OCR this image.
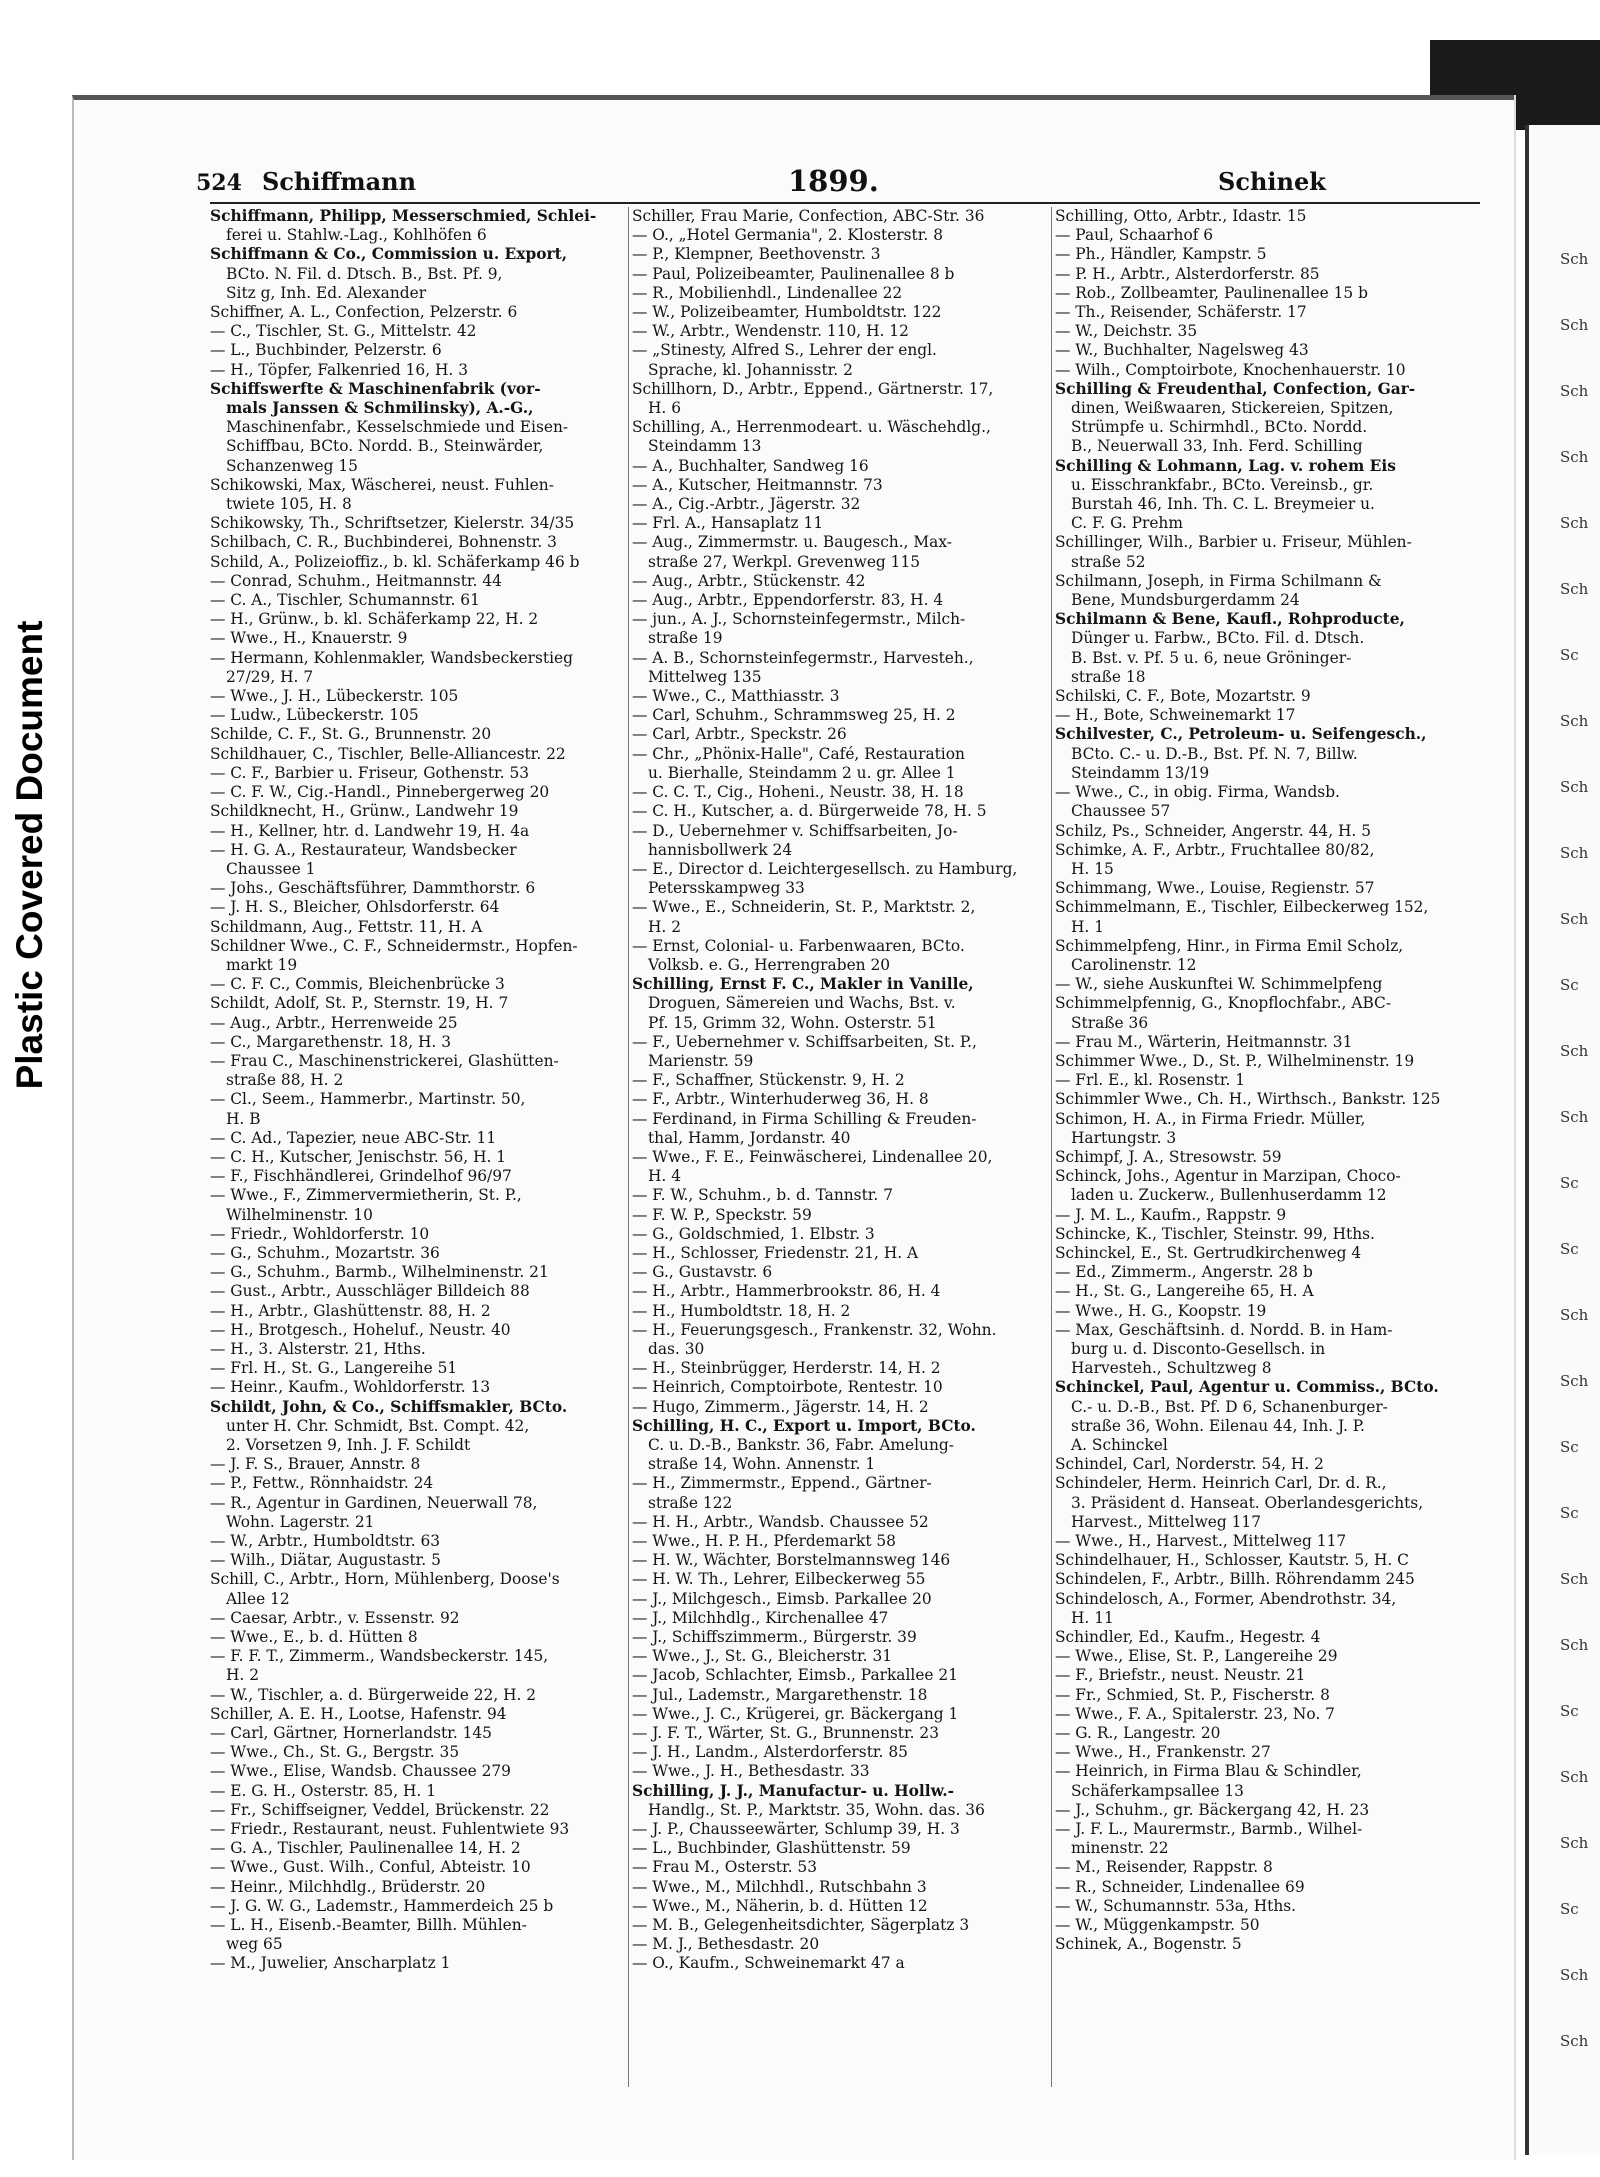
Plastic Covered Document
524 Schiffmann	1899.	Schinek
Schiffmann, Philipp, Messerschmied, Schlei-
ferei u. Stahlw.-Lag., Kohlhöfen 6
Schiffmann & Co., Commission u. Export,
BCto. N. Fil. d. Dtsch. B., Bst. Pf. 9,
Sitz g, Inh. Ed. Alexander
Schiffner, A. L., Confection, Pelzerstr. 6
— C., Tischler, St. G., Mittelstr. 42
— L., Buchbinder, Pelzerstr. 6
— H., Töpfer, Falkenried 16, H. 3
Schiffswerfte & Maschinenfabrik (vor-
mals Janssen & Schmilinsky), A.-G.,
Maschinenfabr., Kesselschmiede und Eisen-
Schiffbau, BCto. Nordd. B., Steinwärder,
Schanzenweg 15
Schikowski, Max, Wäscherei, neust. Fuhlen-
twiete 105, H. 8
Schikowsky, Th., Schriftsetzer, Kielerstr. 34/35
Schilbach, C. R., Buchbinderei, Bohnenstr. 3
Schild, A., Polizeioffiz., b. kl. Schäferkamp 46 b
— Conrad, Schuhm., Heitmannstr. 44
— C. A., Tischler, Schumannstr. 61
— H., Grünw., b. kl. Schäferkamp 22, H. 2
— Wwe., H., Knauerstr. 9
— Hermann, Kohlenmakler, Wandsbeckerstieg
27/29, H. 7
— Wwe., J. H., Lübeckerstr. 105
— Ludw., Lübeckerstr. 105
Schilde, C. F., St. G., Brunnenstr. 20
Schildhauer, C., Tischler, Belle-Alliancestr. 22
— C. F., Barbier u. Friseur, Gothenstr. 53
— C. F. W., Cig.-Handl., Pinnebergerweg 20
Schildknecht, H., Grünw., Landwehr 19
— H., Kellner, htr. d. Landwehr 19, H. 4a
— H. G. A., Restaurateur, Wandsbecker
Chaussee 1
— Johs., Geschäftsführer, Dammthorstr. 6
— J. H. S., Bleicher, Ohlsdorferstr. 64
Schildmann, Aug., Fettstr. 11, H. A
Schildner Wwe., C. F., Schneidermstr., Hopfen-
markt 19
— C. F. C., Commis, Bleichenbrücke 3
Schildt, Adolf, St. P., Sternstr. 19, H. 7
— Aug., Arbtr., Herrenweide 25
— C., Margarethenstr. 18, H. 3
— Frau C., Maschinenstrickerei, Glashütten-
straße 88, H. 2
— Cl., Seem., Hammerbr., Martinstr. 50,
H. B
— C. Ad., Tapezier, neue ABC-Str. 11
— C. H., Kutscher, Jenischstr. 56, H. 1
— F., Fischhändlerei, Grindelhof 96/97
— Wwe., F., Zimmervermietherin, St. P.,
Wilhelminenstr. 10
— Friedr., Wohldorferstr. 10
— G., Schuhm., Mozartstr. 36
— G., Schuhm., Barmb., Wilhelminenstr. 21
— Gust., Arbtr., Ausschläger Billdeich 88
— H., Arbtr., Glashüttenstr. 88, H. 2
— H., Brotgesch., Hoheluf., Neustr. 40
— H., 3. Alsterstr. 21, Hths.
— Frl. H., St. G., Langereihe 51
— Heinr., Kaufm., Wohldorferstr. 13
Schildt, John, & Co., Schiffsmakler, BCto.
unter H. Chr. Schmidt, Bst. Compt. 42,
2. Vorsetzen 9, Inh. J. F. Schildt
— J. F. S., Brauer, Annstr. 8
— P., Fettw., Rönnhaidstr. 24
— R., Agentur in Gardinen, Neuerwall 78,
Wohn. Lagerstr. 21
— W., Arbtr., Humboldtstr. 63
— Wilh., Diätar, Augustastr. 5
Schill, C., Arbtr., Horn, Mühlenberg, Doose's
Allee 12
— Caesar, Arbtr., v. Essenstr. 92
— Wwe., E., b. d. Hütten 8
— F. F. T., Zimmerm., Wandsbeckerstr. 145,
H. 2
— W., Tischler, a. d. Bürgerweide 22, H. 2
Schiller, A. E. H., Lootse, Hafenstr. 94
— Carl, Gärtner, Hornerlandstr. 145
— Wwe., Ch., St. G., Bergstr. 35
— Wwe., Elise, Wandsb. Chaussee 279
— E. G. H., Osterstr. 85, H. 1
— Fr., Schiffseigner, Veddel, Brückenstr. 22
— Friedr., Restaurant, neust. Fuhlentwiete 93
— G. A., Tischler, Paulinenallee 14, H. 2
— Wwe., Gust. Wilh., Conful, Abteistr. 10
— Heinr., Milchhdlg., Brüderstr. 20
— J. G. W. G., Lademstr., Hammerdeich 25 b
— L. H., Eisenb.-Beamter, Billh. Mühlen-
weg 65
— M., Juwelier, Anscharplatz 1
Schiller, Frau Marie, Confection, ABC-Str. 36
— O., „Hotel Germania", 2. Klosterstr. 8
— P., Klempner, Beethovenstr. 3
— Paul, Polizeibeamter, Paulinenallee 8 b
— R., Mobilienhdl., Lindenallee 22
— W., Polizeibeamter, Humboldtstr. 122
— W., Arbtr., Wendenstr. 110, H. 12
— „Stinesty, Alfred S., Lehrer der engl.
Sprache, kl. Johannisstr. 2
Schillhorn, D., Arbtr., Eppend., Gärtnerstr. 17,
H. 6
Schilling, A., Herrenmodeart. u. Wäschehdlg.,
Steindamm 13
— A., Buchhalter, Sandweg 16
— A., Kutscher, Heitmannstr. 73
— A., Cig.-Arbtr., Jägerstr. 32
— Frl. A., Hansaplatz 11
— Aug., Zimmermstr. u. Baugesch., Max-
straße 27, Werkpl. Grevenweg 115
— Aug., Arbtr., Stückenstr. 42
— Aug., Arbtr., Eppendorferstr. 83, H. 4
— jun., A. J., Schornsteinfegermstr., Milch-
straße 19
— A. B., Schornsteinfegermstr., Harvesteh.,
Mittelweg 135
— Wwe., C., Matthiasstr. 3
— Carl, Schuhm., Schrammsweg 25, H. 2
— Carl, Arbtr., Speckstr. 26
— Chr., „Phönix-Halle", Café, Restauration
u. Bierhalle, Steindamm 2 u. gr. Allee 1
— C. C. T., Cig., Hoheni., Neustr. 38, H. 18
— C. H., Kutscher, a. d. Bürgerweide 78, H. 5
— D., Uebernehmer v. Schiffsarbeiten, Jo-
hannisbollwerk 24
— E., Director d. Leichtergesellsch. zu Hamburg,
Petersskampweg 33
— Wwe., E., Schneiderin, St. P., Marktstr. 2,
H. 2
— Ernst, Colonial- u. Farbenwaaren, BCto.
Volksb. e. G., Herrengraben 20
Schilling, Ernst F. C., Makler in Vanille,
Droguen, Sämereien und Wachs, Bst. v.
Pf. 15, Grimm 32, Wohn. Osterstr. 51
— F., Uebernehmer v. Schiffsarbeiten, St. P.,
Marienstr. 59
— F., Schaffner, Stückenstr. 9, H. 2
— F., Arbtr., Winterhuderweg 36, H. 8
— Ferdinand, in Firma Schilling & Freuden-
thal, Hamm, Jordanstr. 40
— Wwe., F. E., Feinwäscherei, Lindenallee 20,
H. 4
— F. W., Schuhm., b. d. Tannstr. 7
— F. W. P., Speckstr. 59
— G., Goldschmied, 1. Elbstr. 3
— H., Schlosser, Friedenstr. 21, H. A
— G., Gustavstr. 6
— H., Arbtr., Hammerbrookstr. 86, H. 4
— H., Humboldtstr. 18, H. 2
— H., Feuerungsgesch., Frankenstr. 32, Wohn.
das. 30
— H., Steinbrügger, Herderstr. 14, H. 2
— Heinrich, Comptoirbote, Rentestr. 10
— Hugo, Zimmerm., Jägerstr. 14, H. 2
Schilling, H. C., Export u. Import, BCto.
C. u. D.-B., Bankstr. 36, Fabr. Amelung-
straße 14, Wohn. Annenstr. 1
— H., Zimmermstr., Eppend., Gärtner-
straße 122
— H. H., Arbtr., Wandsb. Chaussee 52
— Wwe., H. P. H., Pferdemarkt 58
— H. W., Wächter, Borstelmannsweg 146
— H. W. Th., Lehrer, Eilbeckerweg 55
— J., Milchgesch., Eimsb. Parkallee 20
— J., Milchhdlg., Kirchenallee 47
— J., Schiffszimmerm., Bürgerstr. 39
— Wwe., J., St. G., Bleicherstr. 31
— Jacob, Schlachter, Eimsb., Parkallee 21
— Jul., Lademstr., Margarethenstr. 18
— Wwe., J. C., Krügerei, gr. Bäckergang 1
— J. F. T., Wärter, St. G., Brunnenstr. 23
— J. H., Landm., Alsterdorferstr. 85
— Wwe., J. H., Bethesdastr. 33
Schilling, J. J., Manufactur- u. Hollw.-
Handlg., St. P., Marktstr. 35, Wohn. das. 36
— J. P., Chausseewärter, Schlump 39, H. 3
— L., Buchbinder, Glashüttenstr. 59
— Frau M., Osterstr. 53
— Wwe., M., Milchhdl., Rutschbahn 3
— Wwe., M., Näherin, b. d. Hütten 12
— M. B., Gelegenheitsdichter, Sägerplatz 3
— M. J., Bethesdastr. 20
— O., Kaufm., Schweinemarkt 47 a
Schilling, Otto, Arbtr., Idastr. 15
— Paul, Schaarhof 6
— Ph., Händler, Kampstr. 5
— P. H., Arbtr., Alsterdorferstr. 85
— Rob., Zollbeamter, Paulinenallee 15 b
— Th., Reisender, Schäferstr. 17
— W., Deichstr. 35
— W., Buchhalter, Nagelsweg 43
— Wilh., Comptoirbote, Knochenhauerstr. 10
Schilling & Freudenthal, Confection, Gar-
dinen, Weißwaaren, Stickereien, Spitzen,
Strümpfe u. Schirmhdl., BCto. Nordd.
B., Neuerwall 33, Inh. Ferd. Schilling
Schilling & Lohmann, Lag. v. rohem Eis
u. Eisschrankfabr., BCto. Vereinsb., gr.
Burstah 46, Inh. Th. C. L. Breymeier u.
C. F. G. Prehm
Schillinger, Wilh., Barbier u. Friseur, Mühlen-
straße 52
Schilmann, Joseph, in Firma Schilmann &
Bene, Mundsburgerdamm 24
Schilmann & Bene, Kaufl., Rohproducte,
Dünger u. Farbw., BCto. Fil. d. Dtsch.
B. Bst. v. Pf. 5 u. 6, neue Gröninger-
straße 18
Schilski, C. F., Bote, Mozartstr. 9
— H., Bote, Schweinemarkt 17
Schilvester, C., Petroleum- u. Seifengesch.,
BCto. C.- u. D.-B., Bst. Pf. N. 7, Billw.
Steindamm 13/19
— Wwe., C., in obig. Firma, Wandsb.
Chaussee 57
Schilz, Ps., Schneider, Angerstr. 44, H. 5
Schimke, A. F., Arbtr., Fruchtallee 80/82,
H. 15
Schimmang, Wwe., Louise, Regienstr. 57
Schimmelmann, E., Tischler, Eilbeckerweg 152,
H. 1
Schimmelpfeng, Hinr., in Firma Emil Scholz,
Carolinenstr. 12
— W., siehe Auskunftei W. Schimmelpfeng
Schimmelpfennig, G., Knopflochfabr., ABC-
Straße 36
— Frau M., Wärterin, Heitmannstr. 31
Schimmer Wwe., D., St. P., Wilhelminenstr. 19
— Frl. E., kl. Rosenstr. 1
Schimmler Wwe., Ch. H., Wirthsch., Bankstr. 125
Schimon, H. A., in Firma Friedr. Müller,
Hartungstr. 3
Schimpf, J. A., Stresowstr. 59
Schinck, Johs., Agentur in Marzipan, Choco-
laden u. Zuckerw., Bullenhuserdamm 12
— J. M. L., Kaufm., Rappstr. 9
Schincke, K., Tischler, Steinstr. 99, Hths.
Schinckel, E., St. Gertrudkirchenweg 4
— Ed., Zimmerm., Angerstr. 28 b
— H., St. G., Langereihe 65, H. A
— Wwe., H. G., Koopstr. 19
— Max, Geschäftsinh. d. Nordd. B. in Ham-
burg u. d. Disconto-Gesellsch. in
Harvesteh., Schultzweg 8
Schinckel, Paul, Agentur u. Commiss., BCto.
C.- u. D.-B., Bst. Pf. D 6, Schanenburger-
straße 36, Wohn. Eilenau 44, Inh. J. P.
A. Schinckel
Schindel, Carl, Norderstr. 54, H. 2
Schindeler, Herm. Heinrich Carl, Dr. d. R.,
3. Präsident d. Hanseat. Oberlandesgerichts,
Harvest., Mittelweg 117
— Wwe., H., Harvest., Mittelweg 117
Schindelhauer, H., Schlosser, Kautstr. 5, H. C
Schindelen, F., Arbtr., Billh. Röhrendamm 245
Schindelosch, A., Former, Abendrothstr. 34,
H. 11
Schindler, Ed., Kaufm., Hegestr. 4
— Wwe., Elise, St. P., Langereihe 29
— F., Briefstr., neust. Neustr. 21
— Fr., Schmied, St. P., Fischerstr. 8
— Wwe., F. A., Spitalerstr. 23, No. 7
— G. R., Langestr. 20
— Wwe., H., Frankenstr. 27
— Heinrich, in Firma Blau & Schindler,
Schäferkampsallee 13
— J., Schuhm., gr. Bäckergang 42, H. 23
— J. F. L., Maurermstr., Barmb., Wilhel-
minenstr. 22
— M., Reisender, Rappstr. 8
— R., Schneider, Lindenallee 69
— W., Schumannstr. 53a, Hths.
— W., Müggenkampstr. 50
Schinek, A., Bogenstr. 5
Sch
Sch
Sch
Sch
Sch
Sch
Sc
Sch
Sch
Sch
Sch
Sc
Sch
Sch
Sc
Sc
Sch
Sch
Sc
Sc
Sch
Sch
Sc
Sch
Sch
Sc
Sch
Sch
